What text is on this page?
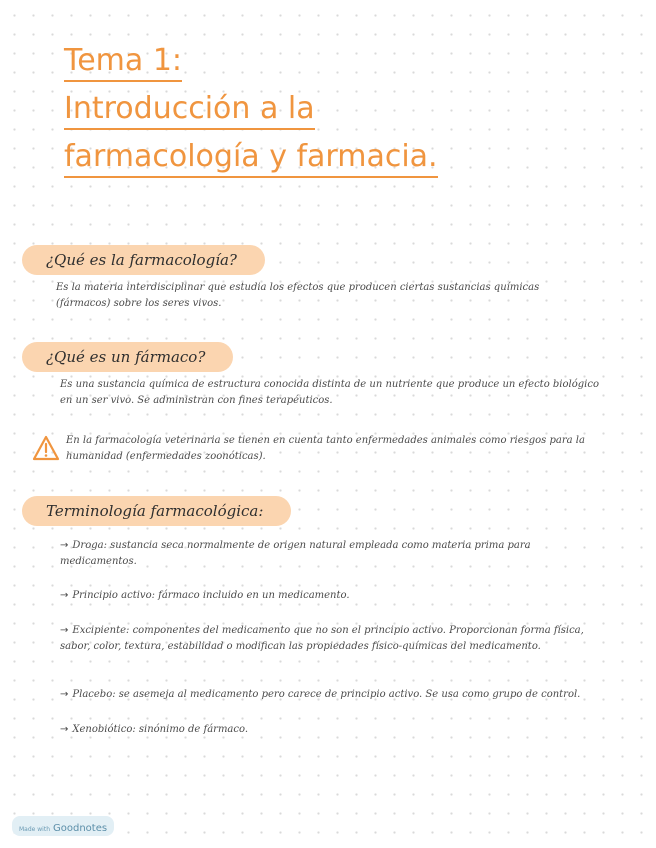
Tema 1:
Introducción a la
farmacología y farmacia.
¿Qué es la farmacología?

Es la materia interdisciplinar que estudia los efectos que producen ciertas sustancias químicas (fármacos) sobre los seres vivos.

¿Qué es un fármaco?

Es una sustancia química de estructura conocida distinta de un nutriente que produce un efecto biológico en un ser vivo. Se administran con fines terapéuticos.

En la farmacología veterinaria se tienen en cuenta tanto enfermedades animales como riesgos para la humanidad (enfermedades zoonóticas).

Terminología farmacológica:

→ Droga: sustancia seca normalmente de origen natural empleada como materia prima para medicamentos.

→ Principio activo: fármaco incluido en un medicamento.

→ Excipiente: componentes del medicamento que no son el principio activo. Proporcionan forma física, sabor, color, textura, estabilidad o modifican las propiedades físico-químicas del medicamento.

→ Placebo: se asemeja al medicamento pero carece de principio activo. Se usa como grupo de control.

→ Xenobiótico: sinónimo de fármaco.

Made with Goodnotes
